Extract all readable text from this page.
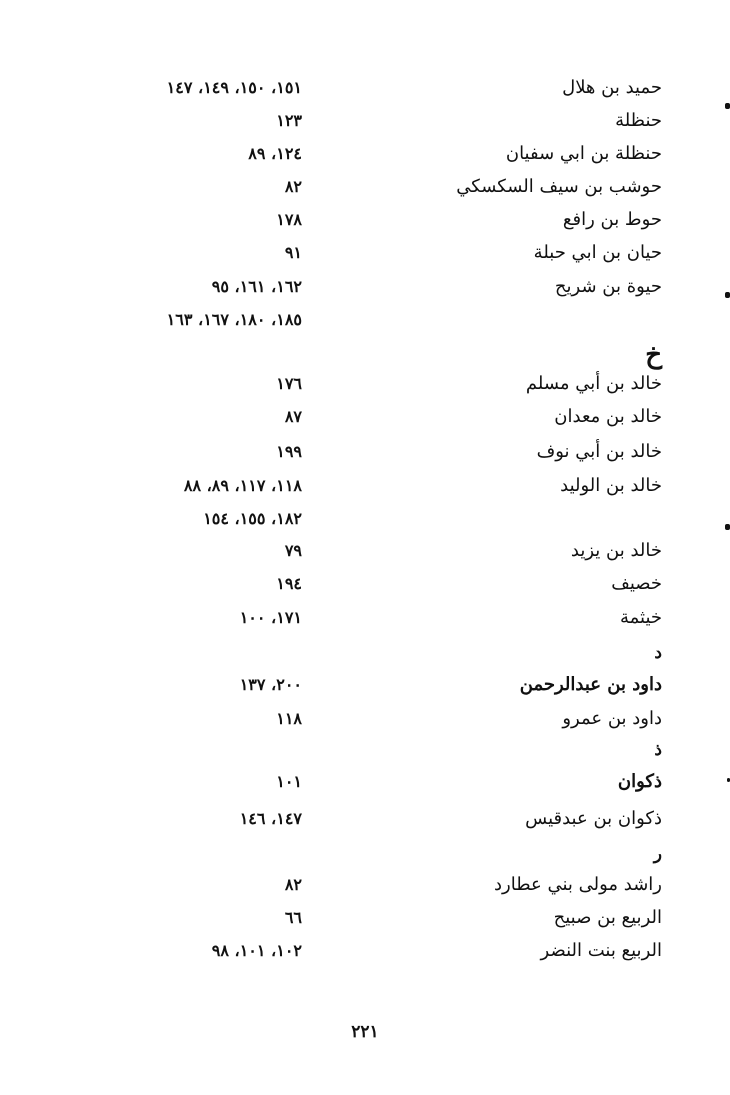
حميد بن هلال
١٥١، ١٥٠، ١٤٩، ١٤٧
حنظلة
١٢٣
حنظلة بن ابي سفيان
١٢٤، ٨٩
حوشب بن سيف السكسكي
٨٢
حوط بن رافع
١٧٨
حيان بن ابي حبلة
٩١
حيوة بن شريح
١٦٢، ١٦١، ٩٥
١٨٥، ١٨٠، ١٦٧، ١٦٣
خ
خالد بن أبي مسلم
١٧٦
خالد بن معدان
٨٧
خالد بن أبي نوف
١٩٩
خالد بن الوليد
١١٨، ١١٧، ٨٩، ٨٨
١٨٢، ١٥٥، ١٥٤
خالد بن يزيد
٧٩
خصيف
١٩٤
خيثمة
١٧١، ١٠٠
د
داود بن عبدالرحمن
٢٠٠، ١٣٧
داود بن عمرو
١١٨
ذ
ذكوان
١٠١
ذكوان بن عبدقيس
١٤٧، ١٤٦
ر
راشد مولى بني عطارد
٨٢
الربيع بن صبيح
٦٦
الربيع بنت النضر
١٠٢، ١٠١، ٩٨
٢٢١
